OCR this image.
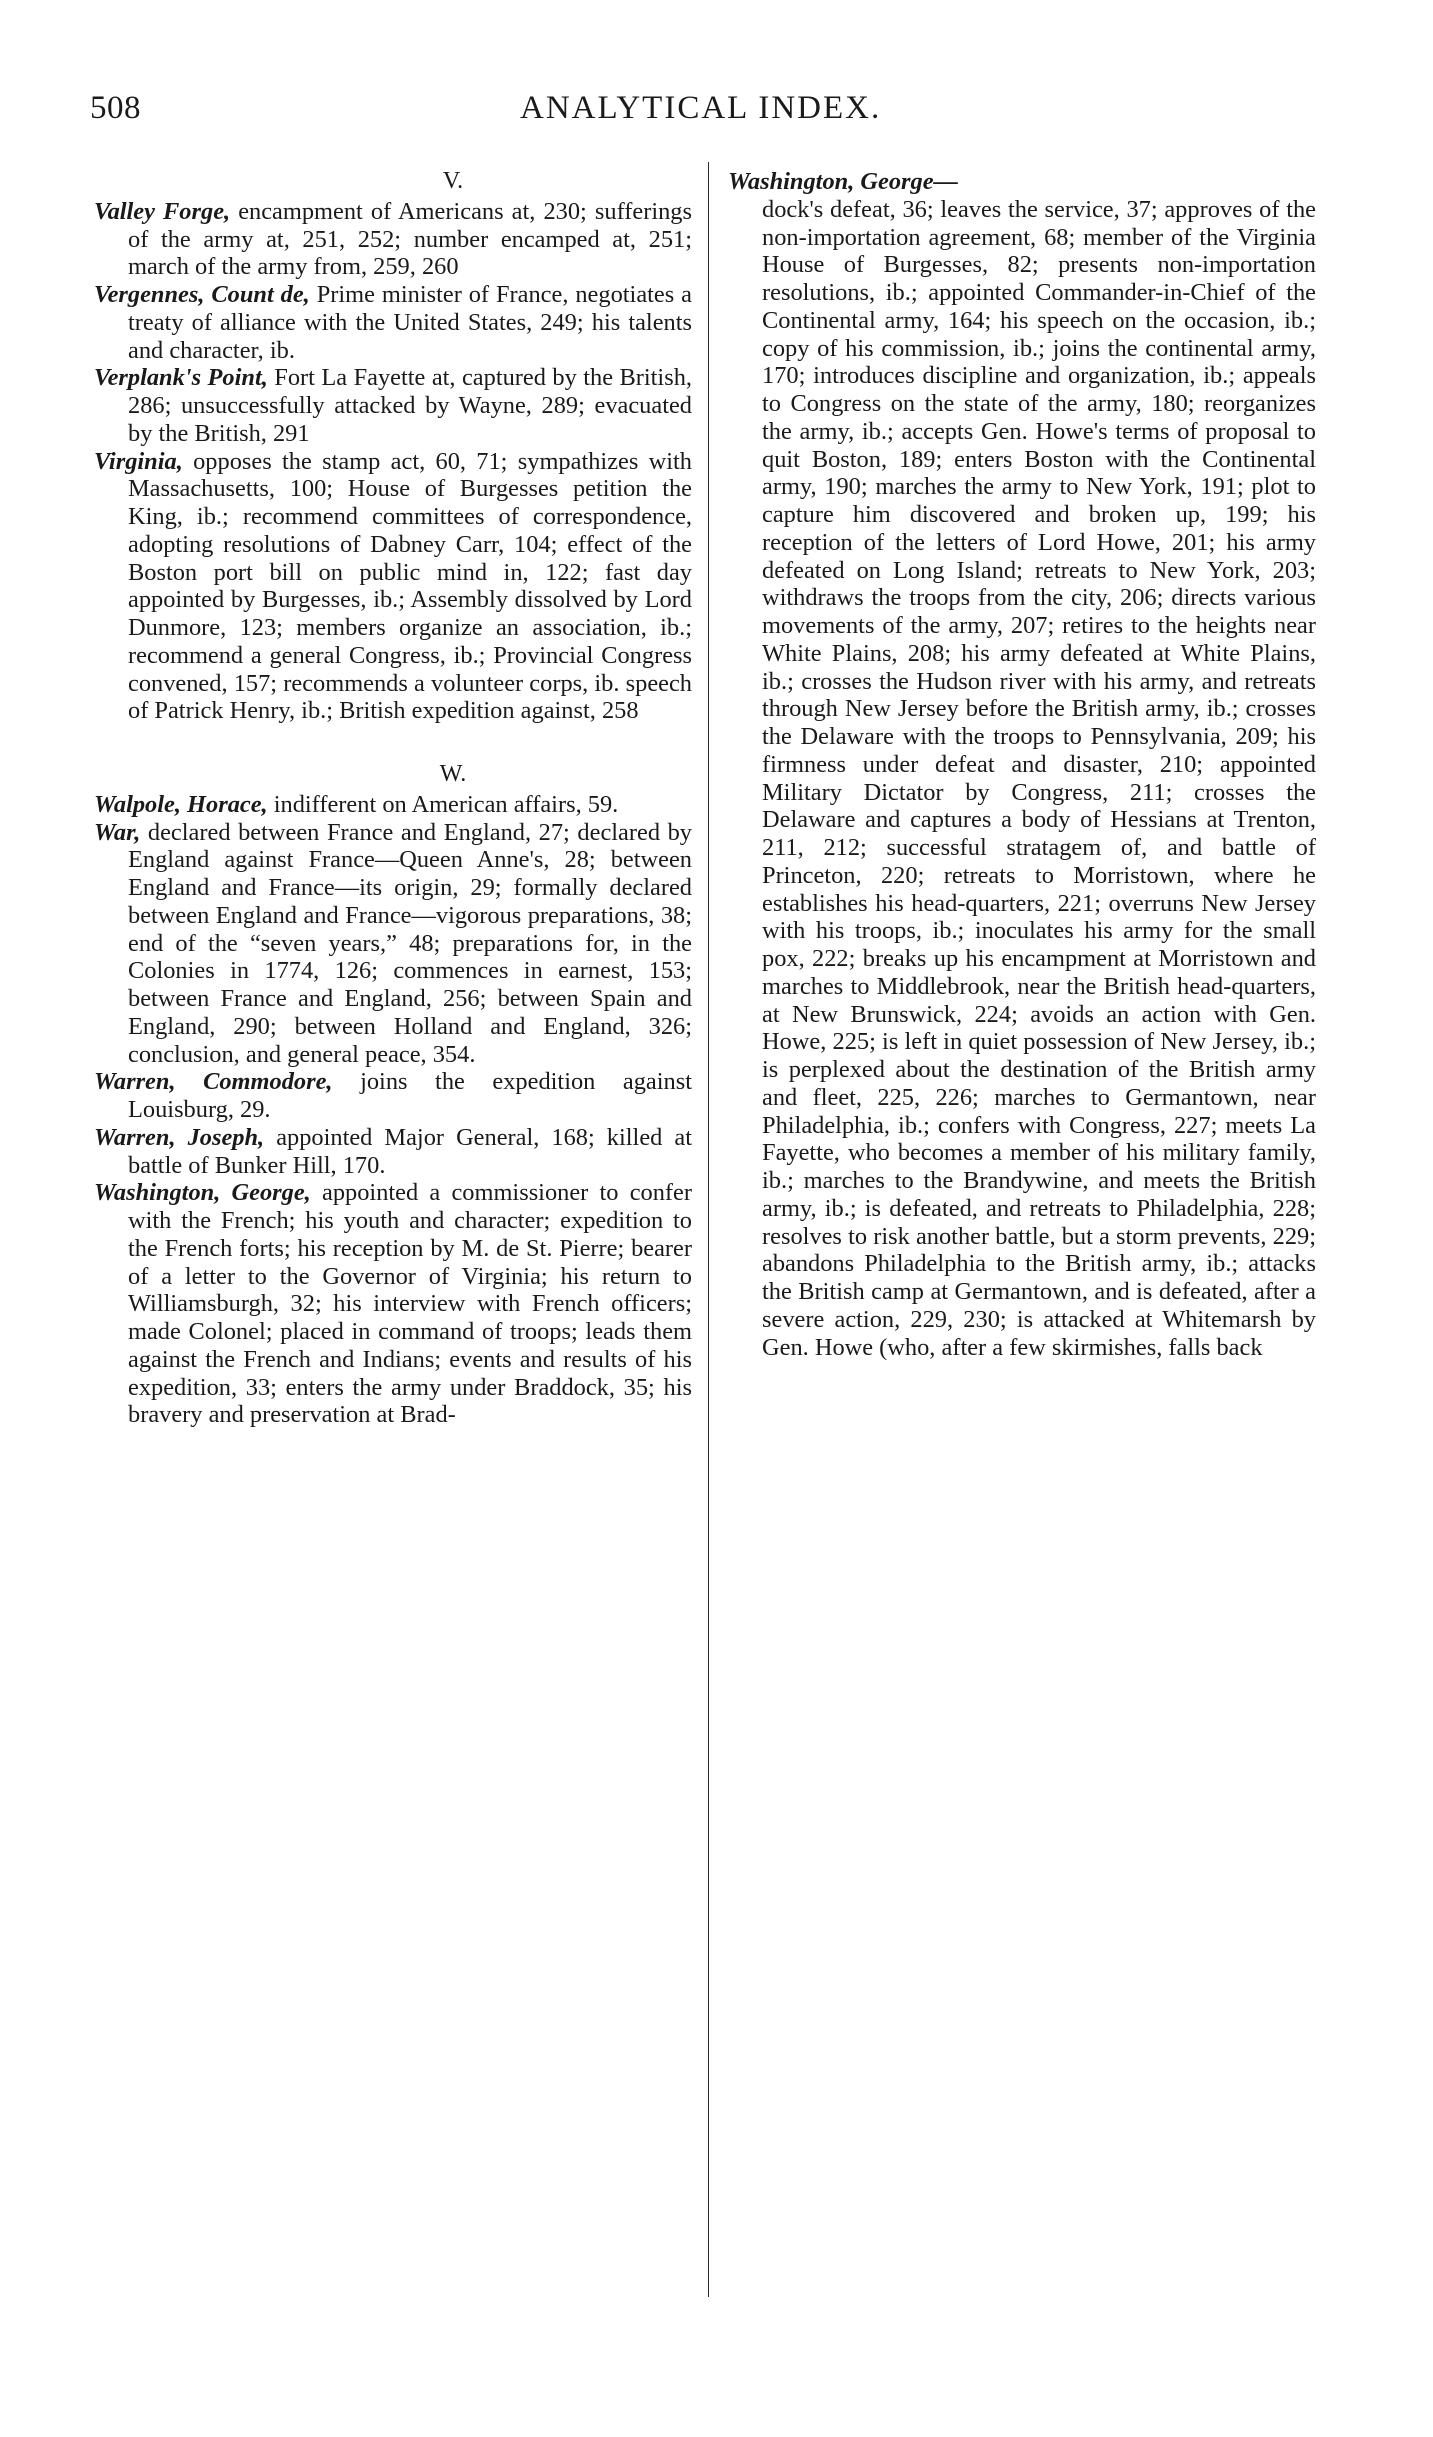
508	ANALYTICAL INDEX.
V.

Valley Forge, encampment of Americans at, 230; sufferings of the army at, 251, 252; number encamped at, 251; march of the army from, 259, 260

Vergennes, Count de, Prime minister of France, negotiates a treaty of alliance with the United States, 249; his talents and character, ib.

Verplank's Point, Fort La Fayette at, captured by the British, 286; unsuccessfully attacked by Wayne, 289; evacuated by the British, 291

Virginia, opposes the stamp act, 60, 71; sympathizes with Massachusetts, 100; House of Burgesses petition the King, ib.; recommend committees of correspondence, adopting resolutions of Dabney Carr, 104; effect of the Boston port bill on public mind in, 122; fast day appointed by Burgesses, ib.; Assembly dissolved by Lord Dunmore, 123; members organize an association, ib.; recommend a general Congress, ib.; Provincial Congress convened, 157; recommends a volunteer corps, ib. speech of Patrick Henry, ib.; British expedition against, 258

W.

Walpole, Horace, indifferent on American affairs, 59.

War, declared between France and England, 27; declared by England against France—Queen Anne's, 28; between England and France—its origin, 29; formally declared between England and France—vigorous preparations, 38; end of the “seven years,” 48; preparations for, in the Colonies in 1774, 126; commences in earnest, 153; between France and England, 256; between Spain and England, 290; between Holland and England, 326; conclusion, and general peace, 354.

Warren, Commodore, joins the expedition against Louisburg, 29.

Warren, Joseph, appointed Major General, 168; killed at battle of Bunker Hill, 170.

Washington, George, appointed a commissioner to confer with the French; his youth and character; expedition to the French forts; his reception by M. de St. Pierre; bearer of a letter to the Governor of Virginia; his return to Williamsburgh, 32; his interview with French officers; made Colonel; placed in command of troops; leads them against the French and Indians; events and results of his expedition, 33; enters the army under Braddock, 35; his bravery and preservation at Brad-

Washington, George—

dock's defeat, 36; leaves the service, 37; approves of the non-importation agreement, 68; member of the Virginia House of Burgesses, 82; presents non-importation resolutions, ib.; appointed Commander-in-Chief of the Continental army, 164; his speech on the occasion, ib.; copy of his commission, ib.; joins the continental army, 170; introduces discipline and organization, ib.; appeals to Congress on the state of the army, 180; reorganizes the army, ib.; accepts Gen. Howe's terms of proposal to quit Boston, 189; enters Boston with the Continental army, 190; marches the army to New York, 191; plot to capture him discovered and broken up, 199; his reception of the letters of Lord Howe, 201; his army defeated on Long Island; retreats to New York, 203; withdraws the troops from the city, 206; directs various movements of the army, 207; retires to the heights near White Plains, 208; his army defeated at White Plains, ib.; crosses the Hudson river with his army, and retreats through New Jersey before the British army, ib.; crosses the Delaware with the troops to Pennsylvania, 209; his firmness under defeat and disaster, 210; appointed Military Dictator by Congress, 211; crosses the Delaware and captures a body of Hessians at Trenton, 211, 212; successful stratagem of, and battle of Princeton, 220; retreats to Morristown, where he establishes his head-quarters, 221; overruns New Jersey with his troops, ib.; inoculates his army for the small pox, 222; breaks up his encampment at Morristown and marches to Middlebrook, near the British head-quarters, at New Brunswick, 224; avoids an action with Gen. Howe, 225; is left in quiet possession of New Jersey, ib.; is perplexed about the destination of the British army and fleet, 225, 226; marches to Germantown, near Philadelphia, ib.; confers with Congress, 227; meets La Fayette, who becomes a member of his military family, ib.; marches to the Brandywine, and meets the British army, ib.; is defeated, and retreats to Philadelphia, 228; resolves to risk another battle, but a storm prevents, 229; abandons Philadelphia to the British army, ib.; attacks the British camp at Germantown, and is defeated, after a severe action, 229, 230; is attacked at Whitemarsh by Gen. Howe (who, after a few skirmishes, falls back
